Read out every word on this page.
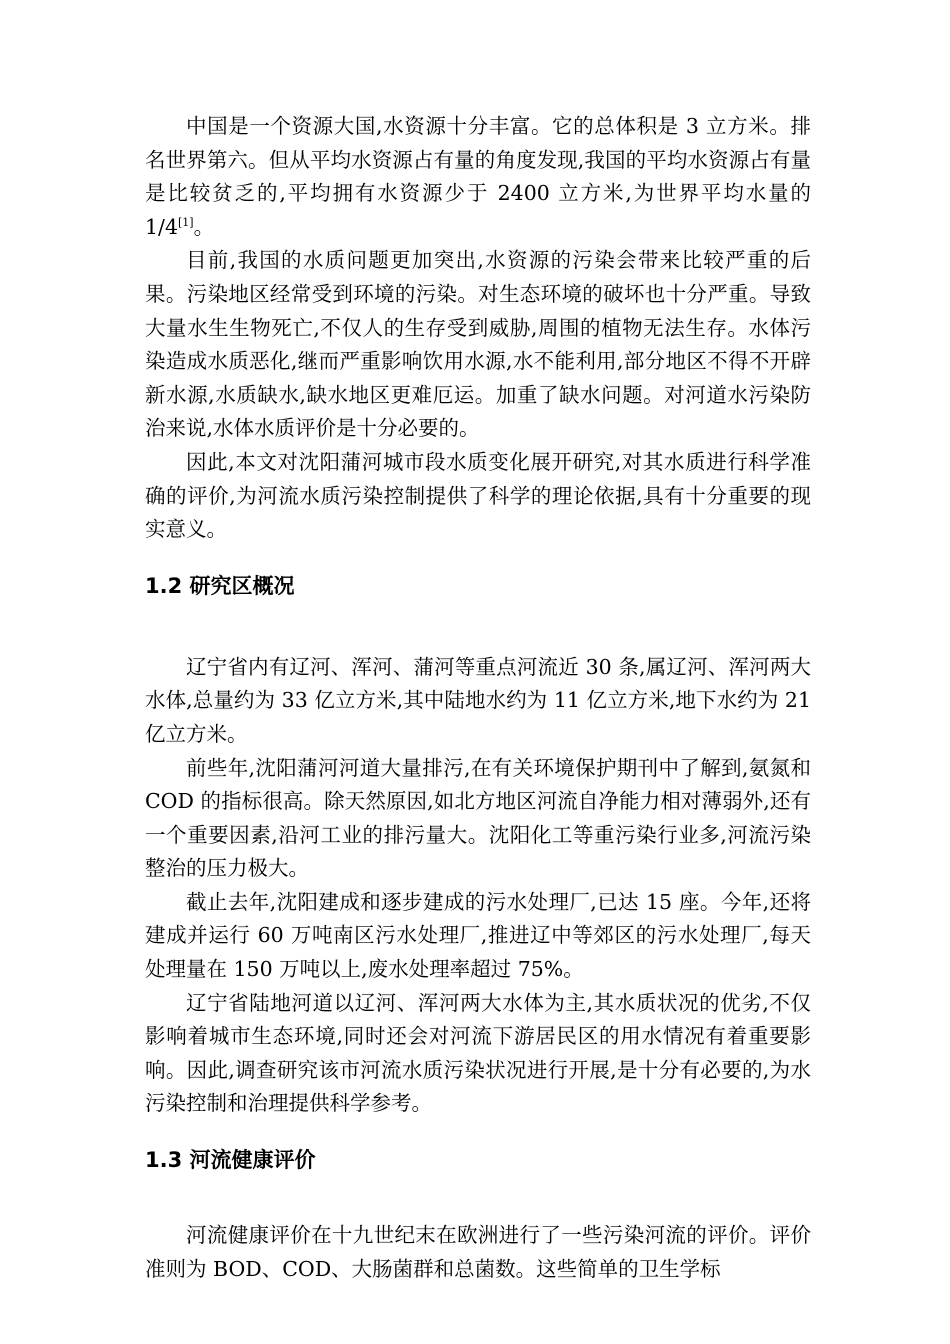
中国是一个资源大国,水资源十分丰富。它的总体积是 3 立方米。排名世界第六。但从平均水资源占有量的角度发现,我国的平均水资源占有量是比较贫乏的,平均拥有水资源少于 2400 立方米,为世界平均水量的 1/4[1]。

目前,我国的水质问题更加突出,水资源的污染会带来比较严重的后果。污染地区经常受到环境的污染。对生态环境的破坏也十分严重。导致大量水生生物死亡,不仅人的生存受到威胁,周围的植物无法生存。水体污染造成水质恶化,继而严重影响饮用水源,水不能利用,部分地区不得不开辟新水源,水质缺水,缺水地区更难厄运。加重了缺水问题。对河道水污染防治来说,水体水质评价是十分必要的。

因此,本文对沈阳蒲河城市段水质变化展开研究,对其水质进行科学准确的评价,为河流水质污染控制提供了科学的理论依据,具有十分重要的现实意义。

1.2 研究区概况

辽宁省内有辽河、浑河、蒲河等重点河流近 30 条,属辽河、浑河两大水体,总量约为 33 亿立方米,其中陆地水约为 11 亿立方米,地下水约为 21 亿立方米。

前些年,沈阳蒲河河道大量排污,在有关环境保护期刊中了解到,氨氮和 COD 的指标很高。除天然原因,如北方地区河流自净能力相对薄弱外,还有一个重要因素,沿河工业的排污量大。沈阳化工等重污染行业多,河流污染整治的压力极大。

截止去年,沈阳建成和逐步建成的污水处理厂,已达 15 座。今年,还将建成并运行 60 万吨南区污水处理厂,推进辽中等郊区的污水处理厂,每天处理量在 150 万吨以上,废水处理率超过 75%。

辽宁省陆地河道以辽河、浑河两大水体为主,其水质状况的优劣,不仅影响着城市生态环境,同时还会对河流下游居民区的用水情况有着重要影响。因此,调查研究该市河流水质污染状况进行开展,是十分有必要的,为水污染控制和治理提供科学参考。

1.3 河流健康评价

河流健康评价在十九世纪末在欧洲进行了一些污染河流的评价。评价准则为 BOD、COD、大肠菌群和总菌数。这些简单的卫生学标
